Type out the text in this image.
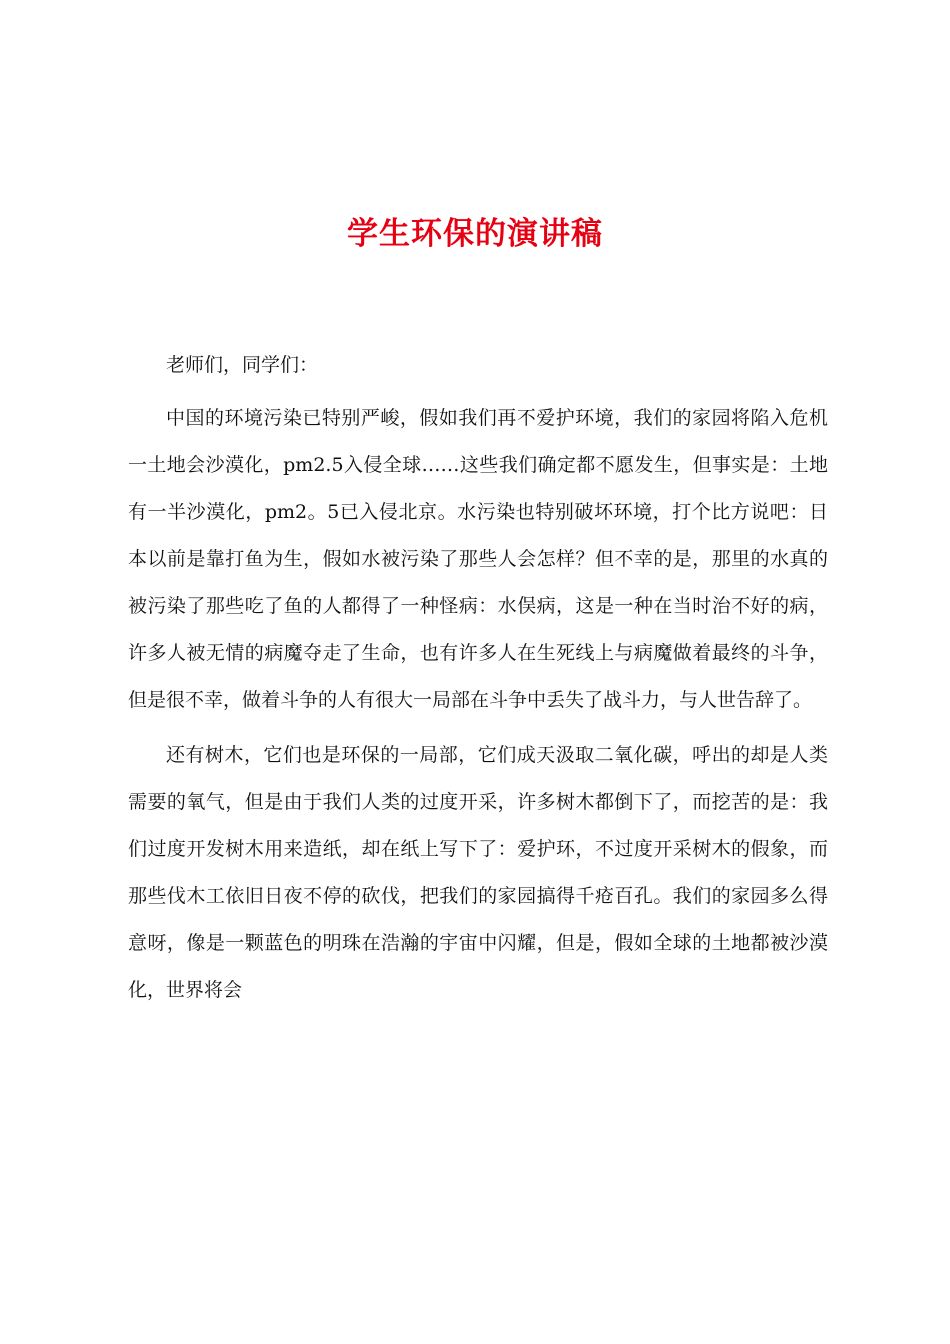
学生环保的演讲稿

老师们，同学们：

中国的环境污染已特别严峻，假如我们再不爱护环境，我们的家园将陷入危机一土地会沙漠化，pm2.5入侵全球……这些我们确定都不愿发生，但事实是：土地有一半沙漠化，pm2。5已入侵北京。水污染也特别破坏环境，打个比方说吧：日本以前是靠打鱼为生，假如水被污染了那些人会怎样？但不幸的是，那里的水真的被污染了那些吃了鱼的人都得了一种怪病：水俣病，这是一种在当时治不好的病，许多人被无情的病魔夺走了生命，也有许多人在生死线上与病魔做着最终的斗争，但是很不幸，做着斗争的人有很大一局部在斗争中丢失了战斗力，与人世告辞了。

还有树木，它们也是环保的一局部，它们成天汲取二氧化碳，呼出的却是人类需要的氧气，但是由于我们人类的过度开采，许多树木都倒下了，而挖苦的是：我们过度开发树木用来造纸，却在纸上写下了：爱护环，不过度开采树木的假象，而那些伐木工依旧日夜不停的砍伐，把我们的家园搞得千疮百孔。我们的家园多么得意呀，像是一颗蓝色的明珠在浩瀚的宇宙中闪耀，但是，假如全球的土地都被沙漠化，世界将会
